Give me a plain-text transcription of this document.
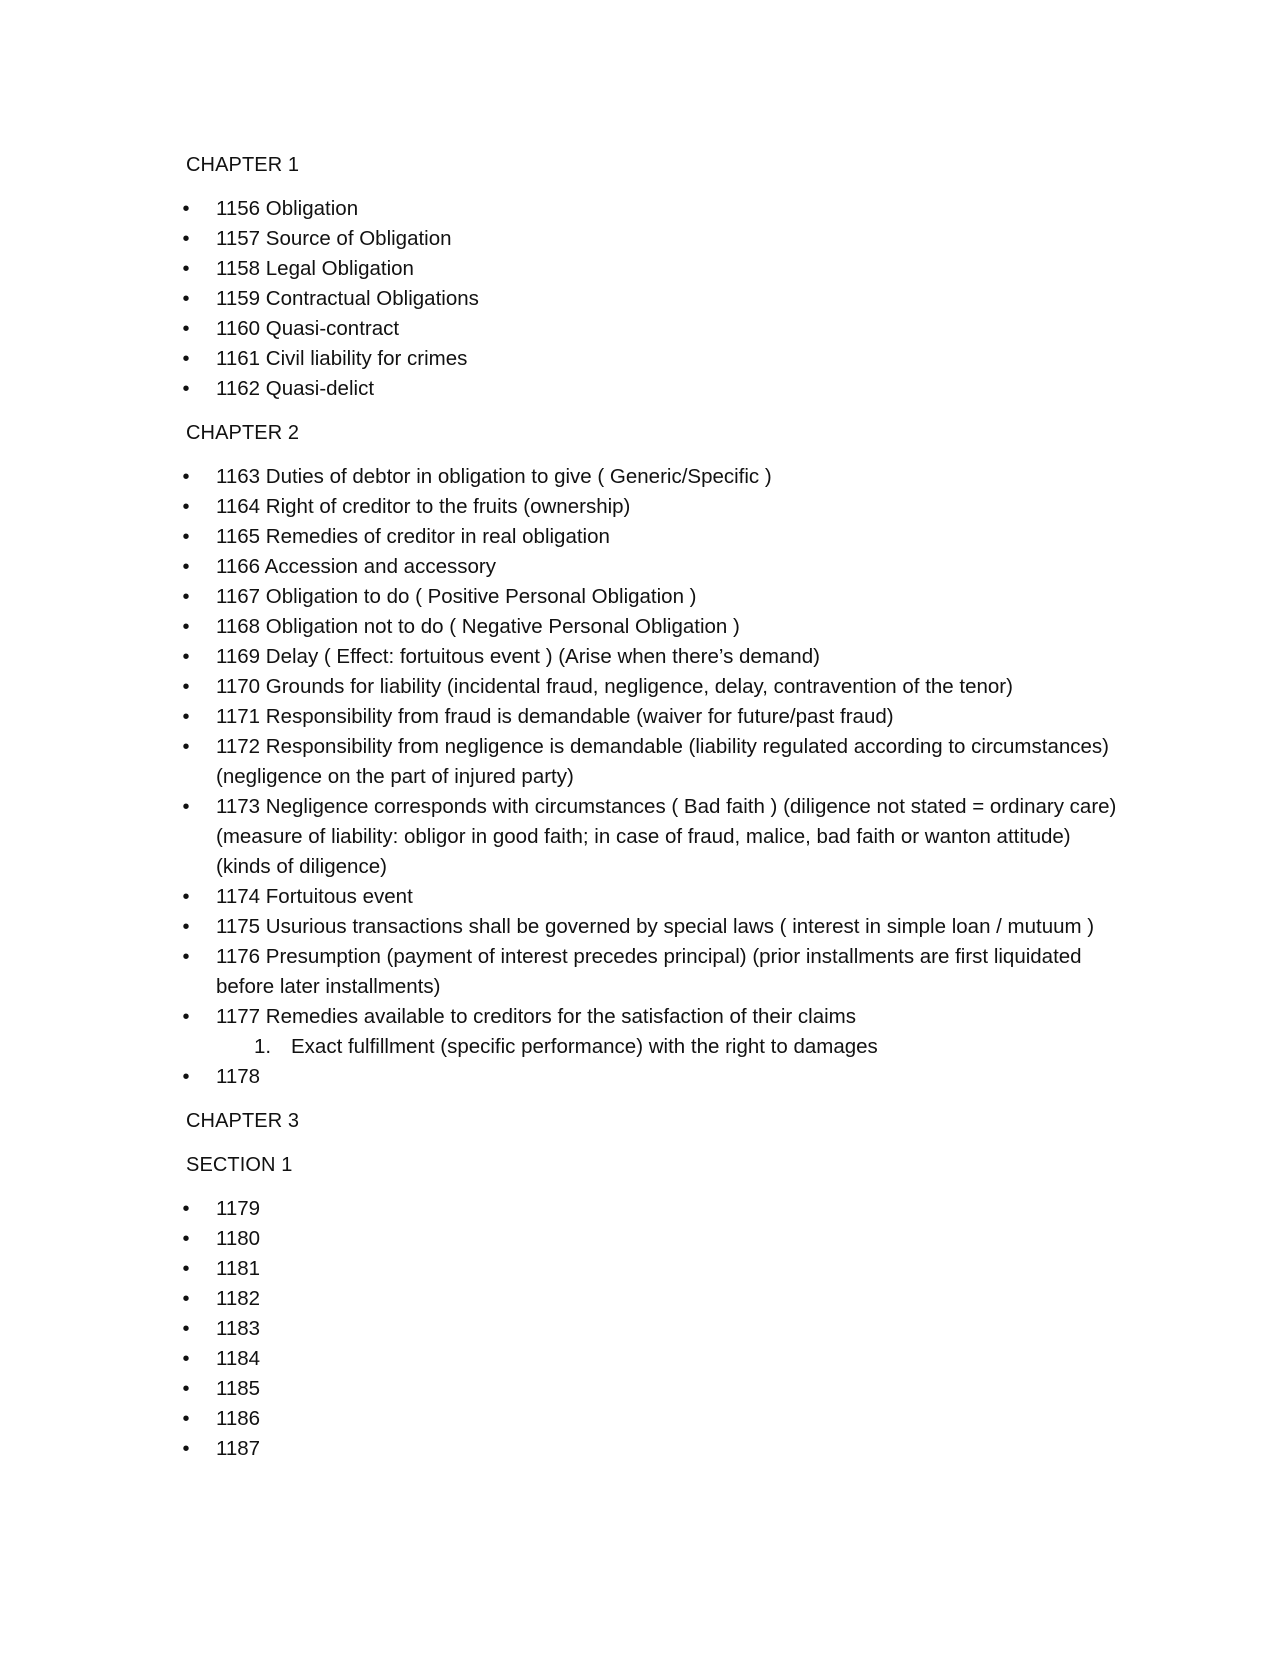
CHAPTER 1
•	1156 Obligation
•	1157 Source of Obligation
•	1158 Legal Obligation
•	1159 Contractual Obligations
•	1160 Quasi-contract
•	1161 Civil liability for crimes
•	1162 Quasi-delict
CHAPTER 2
•	1163 Duties of debtor in obligation to give ( Generic/Specific )
•	1164 Right of creditor to the fruits (ownership)
•	1165 Remedies of creditor in real obligation
•	1166 Accession and accessory
•	1167 Obligation to do ( Positive Personal Obligation )
•	1168 Obligation not to do ( Negative Personal Obligation )
•	1169 Delay ( Effect: fortuitous event ) (Arise when there’s demand)
•	1170 Grounds for liability (incidental fraud, negligence, delay, contravention of the tenor)
•	1171 Responsibility from fraud is demandable (waiver for future/past fraud)
•	1172 Responsibility from negligence is demandable (liability regulated according to circumstances) (negligence on the part of injured party)
•	1173 Negligence corresponds with circumstances ( Bad faith ) (diligence not stated = ordinary care) (measure of liability: obligor in good faith; in case of fraud, malice, bad faith or wanton attitude) (kinds of diligence)
•	1174 Fortuitous event
•	1175 Usurious transactions shall be governed by special laws ( interest in simple loan / mutuum )
•	1176 Presumption (payment of interest precedes principal) (prior installments are first liquidated before later installments)
•	1177 Remedies available to creditors for the satisfaction of their claims
1. Exact fulfillment (specific performance) with the right to damages
•	1178
CHAPTER 3
SECTION 1
•	1179
•	1180
•	1181
•	1182
•	1183
•	1184
•	1185
•	1186
•	1187
